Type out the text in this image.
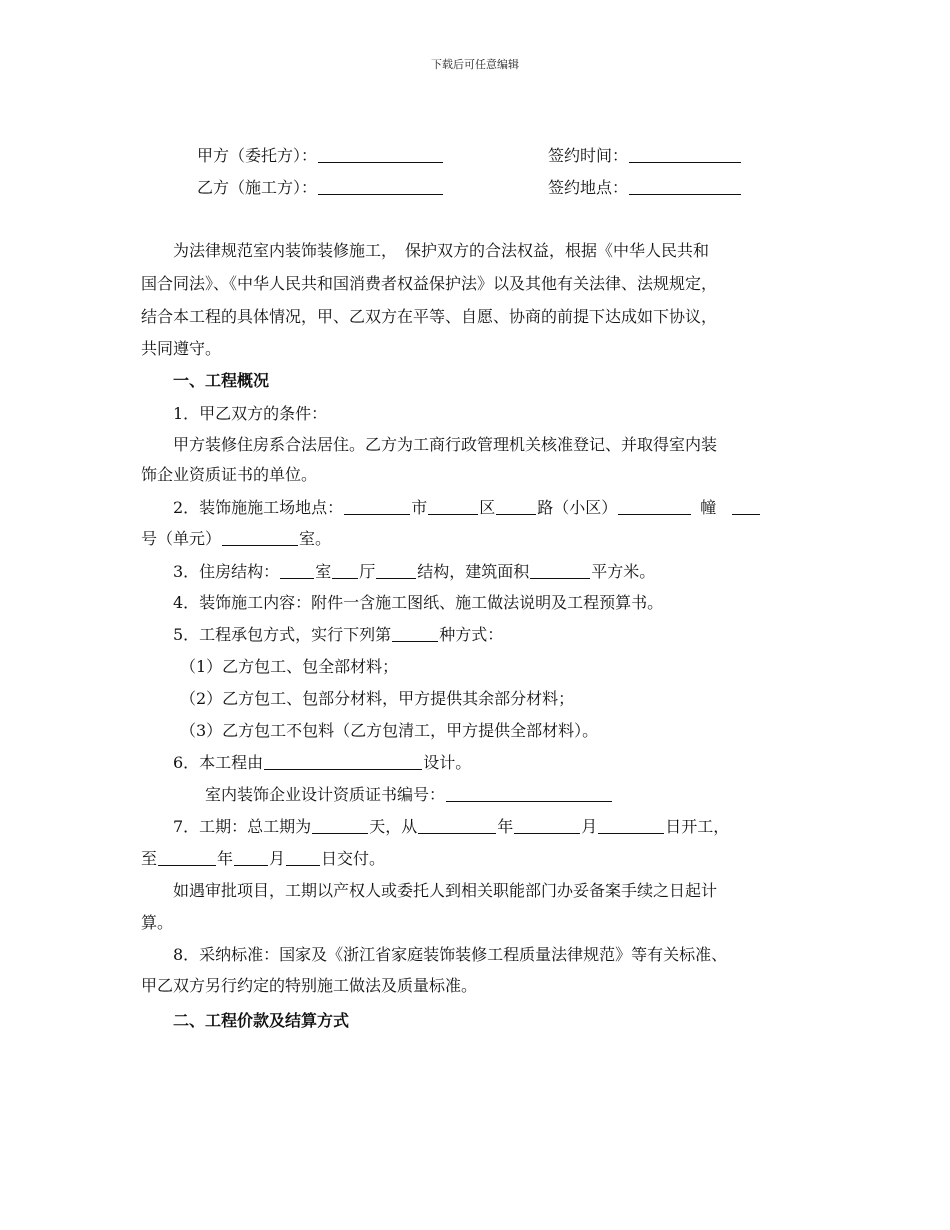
下载后可任意编辑
甲方（委托方）：	签约时间：
乙方（施工方）：	签约地点：
为法律规范室内装饰装修施工，　保护双方的合法权益，根据《中华人民共和
国合同法》、《中华人民共和国消费者权益保护法》以及其他有关法律、法规规定，
结合本工程的具体情况，甲、乙双方在平等、自愿、协商的前提下达成如下协议，
共同遵守。
一、工程概况
1．甲乙双方的条件：
甲方装修住房系合法居住。乙方为工商行政管理机关核准登记、并取得室内装
饰企业资质证书的单位。
2．装饰施施工场地点：	市	区	路（小区）	幢
号（单元）	室。
3．住房结构： 室 厅	结构，建筑面积	平方米。
4．装饰施工内容：附件一含施工图纸、施工做法说明及工程预算书。
5．工程承包方式，实行下列第	种方式：
（1）乙方包工、包全部材料；
（2）乙方包工、包部分材料，甲方提供其余部分材料；
（3）乙方包工不包料（乙方包清工，甲方提供全部材料）。
6．本工程由	设计。
室内装饰企业设计资质证书编号：
7．工期：总工期为	天，从	年	月	日开工，
至	年 月 日交付。
如遇审批项目，工期以产权人或委托人到相关职能部门办妥备案手续之日起计
算。
8．采纳标准：国家及《浙江省家庭装饰装修工程质量法律规范》等有关标准、
甲乙双方另行约定的特别施工做法及质量标准。
二、工程价款及结算方式
